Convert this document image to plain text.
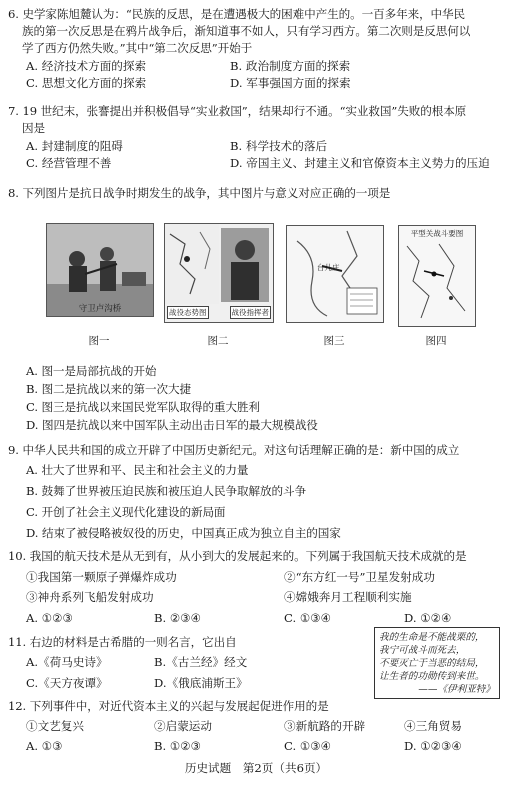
6. 史学家陈旭麓认为：“民族的反思，是在遭遇极大的困难中产生的。一百多年来，中华民
族的第一次反思是在鸦片战争后，渐知道事不如人，只有学习西方。第二次则是反思何以
学了西方仍然失败。”其中“第二次反思”开始于
A. 经济技术方面的探索	B. 政治制度方面的探索
C. 思想文化方面的探索	D. 军事强国方面的探索
7. 19 世纪末，张謇提出并积极倡导“实业救国”，结果却行不通。“实业救国”失败的根本原
因是
A. 封建制度的阻碍	B. 科学技术的落后
C. 经营管理不善	D. 帝国主义、封建主义和官僚资本主义势力的压迫
8. 下列图片是抗日战争时期发生的战争，其中图片与意义对应正确的一项是
守卫卢沟桥	战役态势图	战役指挥者
台儿庄
平型关战斗要图
图一	图二	图三	图四
A. 图一是局部抗战的开始
B. 图二是抗战以来的第一次大捷
C. 图三是抗战以来国民党军队取得的重大胜利
D. 图四是抗战以来中国军队主动出击日军的最大规模战役
9. 中华人民共和国的成立开辟了中国历史新纪元。对这句话理解正确的是：新中国的成立
A. 壮大了世界和平、民主和社会主义的力量
B. 鼓舞了世界被压迫民族和被压迫人民争取解放的斗争
C. 开创了社会主义现代化建设的新局面
D. 结束了被侵略被奴役的历史，中国真正成为独立自主的国家
10. 我国的航天技术是从无到有，从小到大的发展起来的。下列属于我国航天技术成就的是
①我国第一颗原子弹爆炸成功	②“东方红一号”卫星发射成功
③神舟系列飞船发射成功	④嫦娥奔月工程顺利实施
A. ①②③	B. ②③④	C. ①③④	D. ①②④
11. 右边的材料是古希腊的一则名言，它出自
A.《荷马史诗》	B.《古兰经》经文
C.《天方夜谭》	D.《俄底浦斯王》
我的生命是不能战栗的，
我宁可战斗而死去，
不要灭亡于当恶的结局，
让生者的功勋传到来世。
——《伊利亚特》
12. 下列事件中，对近代资本主义的兴起与发展起促进作用的是
①文艺复兴	②启蒙运动	③新航路的开辟	④三角贸易
A. ①③	B. ①②③	C. ①③④	D. ①②③④
历史试题　第2页（共6页）
